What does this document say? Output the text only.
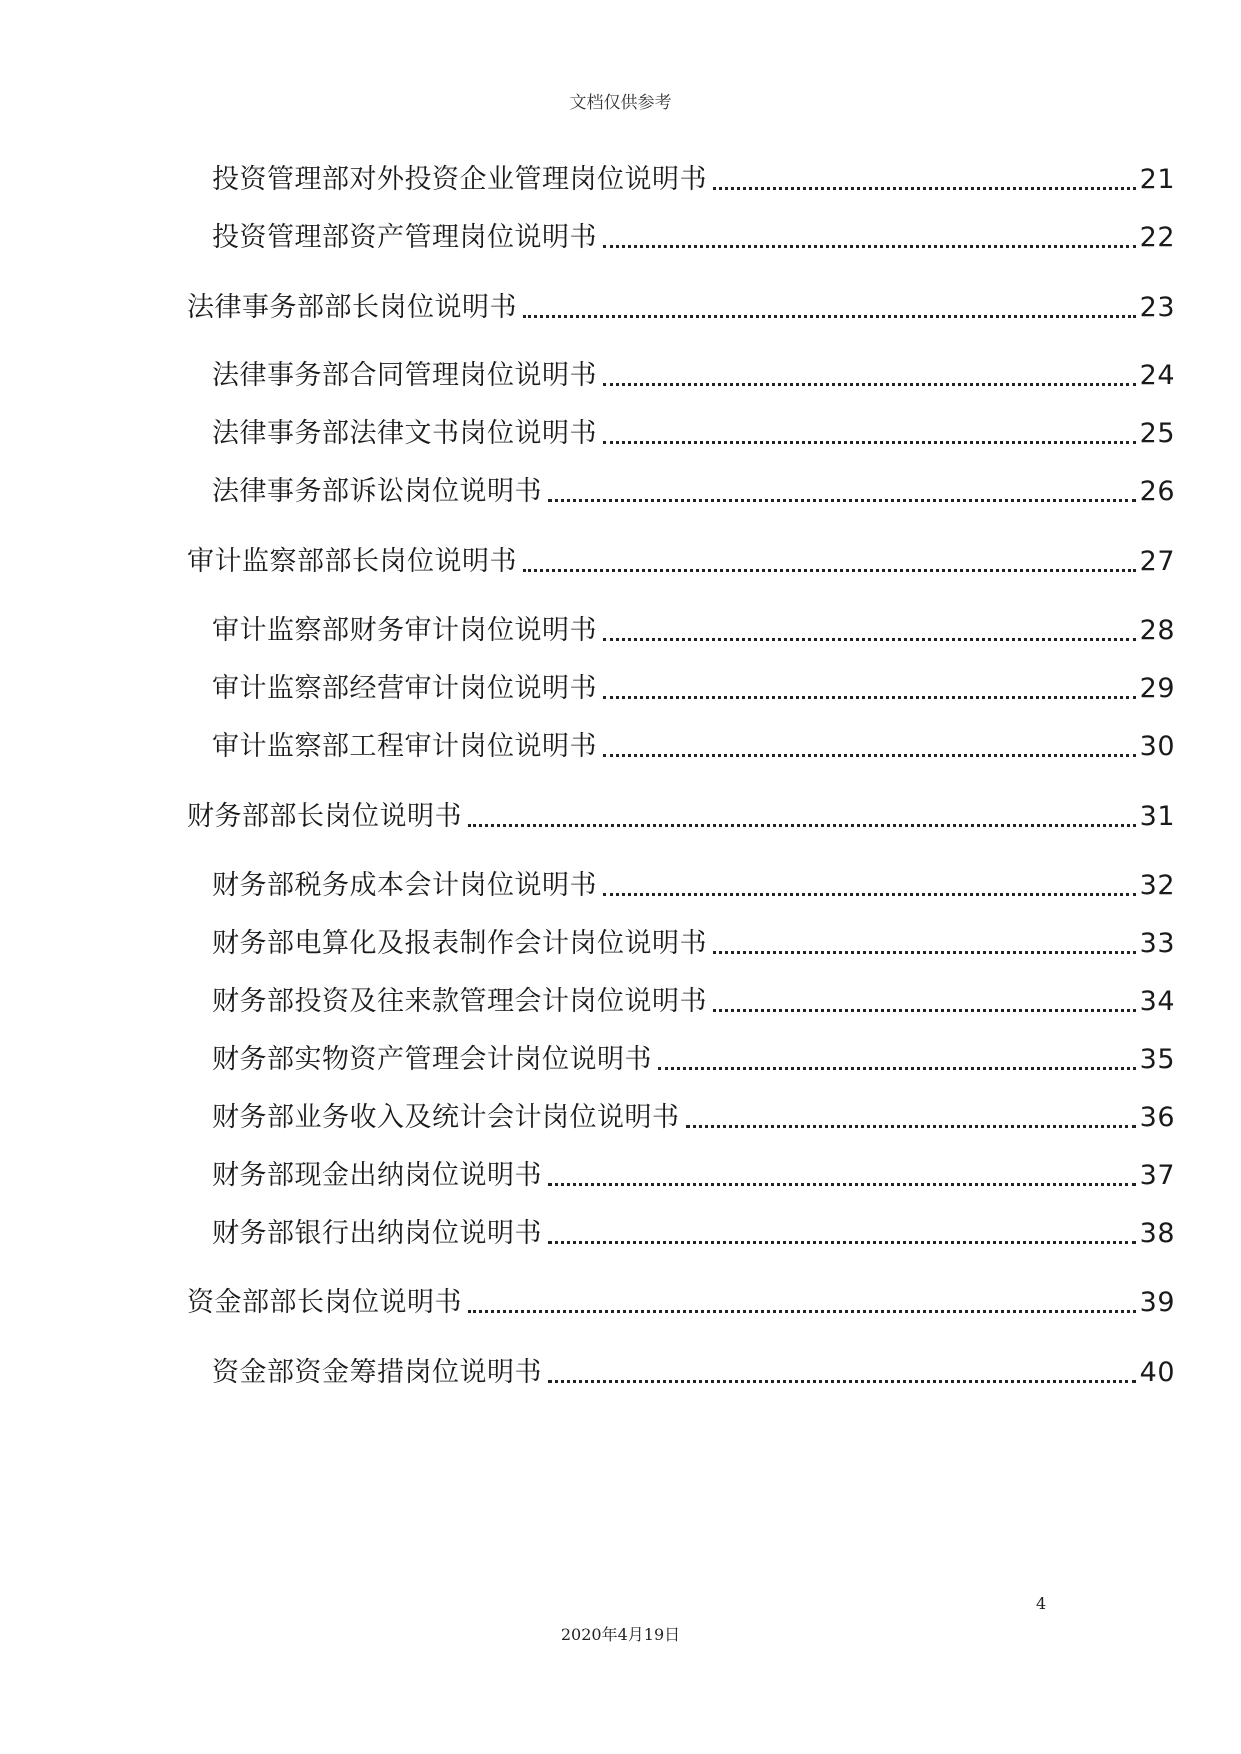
文档仅供参考
投资管理部对外投资企业管理岗位说明书	21
投资管理部资产管理岗位说明书	22
法律事务部部长岗位说明书	23
法律事务部合同管理岗位说明书	24
法律事务部法律文书岗位说明书	25
法律事务部诉讼岗位说明书	26
审计监察部部长岗位说明书	27
审计监察部财务审计岗位说明书	28
审计监察部经营审计岗位说明书	29
审计监察部工程审计岗位说明书	30
财务部部长岗位说明书	31
财务部税务成本会计岗位说明书	32
财务部电算化及报表制作会计岗位说明书	33
财务部投资及往来款管理会计岗位说明书	34
财务部实物资产管理会计岗位说明书	35
财务部业务收入及统计会计岗位说明书	36
财务部现金出纳岗位说明书	37
财务部银行出纳岗位说明书	38
资金部部长岗位说明书	39
资金部资金筹措岗位说明书	40
4
2020年4月19日
